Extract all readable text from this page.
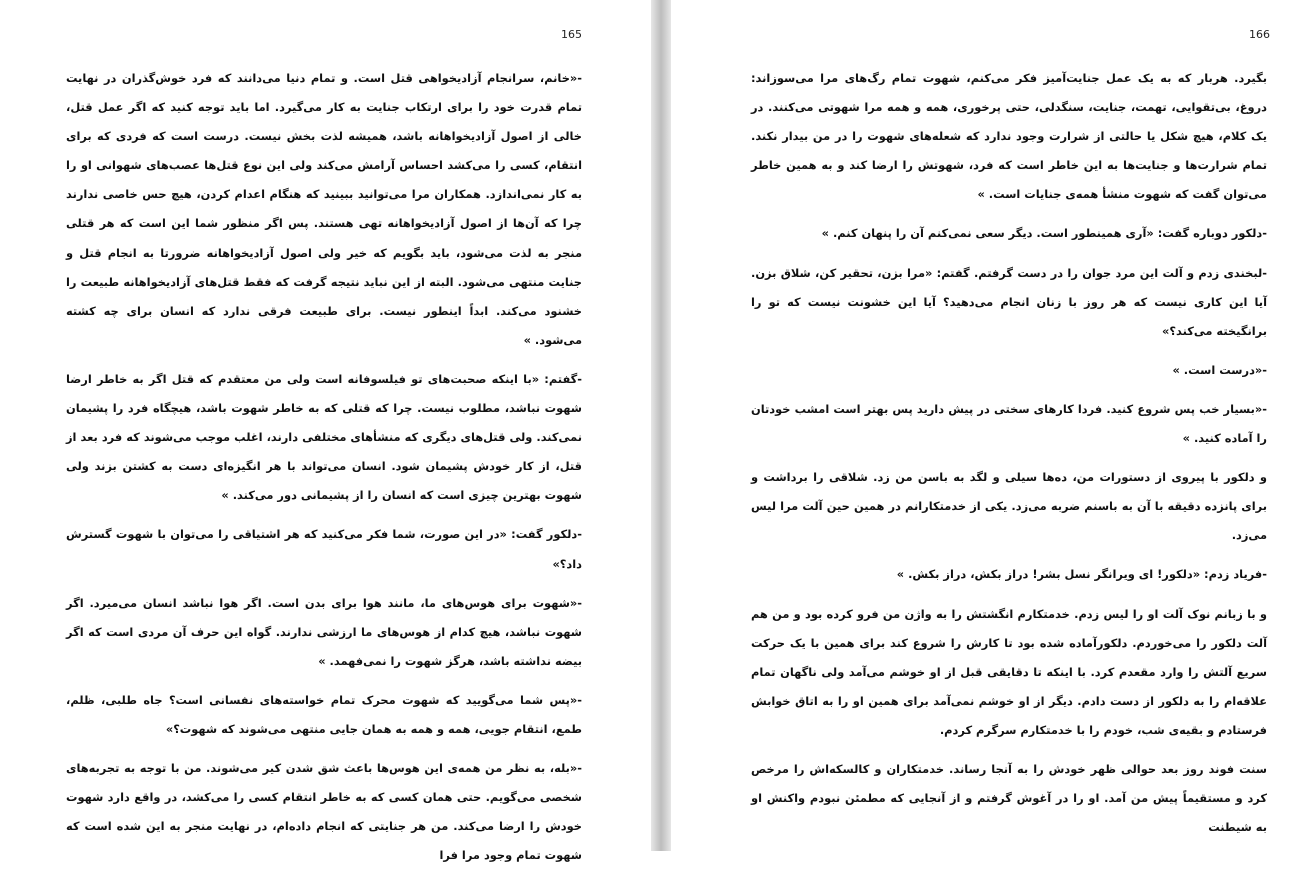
165

-«خانم، سرانجام آزادیخواهی قتل است. و تمام دنیا می‌دانند که فرد خوش‌گذران در نهایت تمام قدرت خود را برای ارتکاب جنایت به کار می‌گیرد. اما باید توجه کنید که اگر عمل قتل، خالی از اصول آزادیخواهانه باشد، همیشه لذت بخش نیست. درست است که فردی که برای انتقام، کسی را می‌کشد احساس آرامش می‌کند ولی این نوع قتل‌ها عصب‌های شهوانی او را به کار نمی‌اندازد. همکاران مرا می‌توانید ببینید که هنگام اعدام کردن، هیچ حس خاصی ندارند چرا که آن‌ها از اصول آزادیخواهانه تهی هستند. پس اگر منظور شما این است که هر قتلی منجر به لذت می‌شود، باید بگویم که خیر ولی اصول آزادیخواهانه ضرورتا به انجام قتل و جنایت منتهی می‌شود. البته از این نباید نتیجه گرفت که فقط قتل‌های آزادیخواهانه طبیعت را خشنود می‌کند. ابداً اینطور نیست. برای طبیعت فرقی ندارد که انسان برای چه کشته می‌شود. »

-گفتم: «با اینکه صحبت‌های تو فیلسوفانه است ولی من معتقدم که قتل اگر به خاطر ارضا شهوت نباشد، مطلوب نیست. چرا که قتلی که به خاطر شهوت باشد، هیچگاه فرد را پشیمان نمی‌کند. ولی قتل‌های دیگری که منشأهای مختلفی دارند، اغلب موجب می‌شوند که فرد بعد از قتل، از کار خودش پشیمان شود. انسان می‌تواند با هر انگیزه‌ای دست به کشتن بزند ولی شهوت بهترین چیزی است که انسان را از پشیمانی دور می‌کند. »

-دلکور گفت: «در این صورت، شما فکر می‌کنید که هر اشتیاقی را می‌توان با شهوت گسترش داد؟»

-«شهوت برای هوس‌های ما، مانند هوا برای بدن است. اگر هوا نباشد انسان می‌میرد. اگر شهوت نباشد، هیچ کدام از هوس‌های ما ارزشی ندارند. گواه این حرف آن مردی است که اگر بیضه نداشته باشد، هرگز شهوت را نمی‌فهمد. »

-«پس شما می‌گویید که شهوت محرک تمام خواسته‌های نفسانی است؟ جاه طلبی، ظلم، طمع، انتقام جویی، همه و همه به همان جایی منتهی می‌شوند که شهوت؟»

-«بله، به نظر من همه‌ی این هوس‌ها باعث شق شدن کیر می‌شوند. من با توجه به تجربه‌های شخصی می‌گویم. حتی همان کسی که به خاطر انتقام کسی را می‌کشد، در واقع دارد شهوت خودش را ارضا می‌کند. من هر جنایتی که انجام داده‌ام، در نهایت منجر به این شده است که شهوت تمام وجود مرا فرا

166

بگیرد. هربار که به یک عمل جنایت‌آمیز فکر می‌کنم، شهوت تمام رگ‌های مرا می‌سوزاند: دروغ، بی‌تقوایی، تهمت، جنایت، سنگدلی، حتی پرخوری، همه و همه مرا شهوتی می‌کنند. در یک کلام، هیچ شکل یا حالتی از شرارت وجود ندارد که شعله‌های شهوت را در من بیدار نکند. تمام شرارت‌ها و جنایت‌ها به این خاطر است که فرد، شهوتش را ارضا کند و به همین خاطر می‌توان گفت که شهوت منشأ همه‌ی جنایات است. »

-دلکور دوباره گفت: «آری همینطور است. دیگر سعی نمی‌کنم آن را پنهان کنم. »

-لبخندی زدم و آلت این مرد جوان را در دست گرفتم. گفتم: «مرا بزن، تحقیر کن، شلاق بزن. آیا این کاری نیست که هر روز با زنان انجام می‌دهید؟ آیا این خشونت نیست که تو را برانگیخته می‌کند؟»

-«درست است. »

-«بسیار خب پس شروع کنید. فردا کارهای سختی در پیش دارید پس بهتر است امشب خودتان را آماده کنید. »

و دلکور با پیروی از دستورات من، ده‌ها سیلی و لگد به باسن من زد. شلاقی را برداشت و برای پانزده دقیقه با آن به باسنم ضربه می‌زد. یکی از خدمتکارانم در همین حین آلت مرا لیس می‌زد.

-فریاد زدم: «دلکور! ای ویرانگر نسل بشر! دراز بکش، دراز بکش. »

و با زبانم نوک آلت او را لیس زدم. خدمتکارم انگشتش را به واژن من فرو کرده بود و من هم آلت دلکور را می‌خوردم. دلکورآماده شده بود تا کارش را شروع کند برای همین با یک حرکت سریع آلتش را وارد مقعدم کرد. با اینکه تا دقایقی قبل از او خوشم می‌آمد ولی ناگهان تمام علاقه‌ام را به دلکور از دست دادم. دیگر از او خوشم نمی‌آمد برای همین او را به اتاق خوابش فرستادم و بقیه‌ی شب، خودم را با خدمتکارم سرگرم کردم.

سنت فوند روز بعد حوالی ظهر خودش را به آنجا رساند. خدمتکاران و کالسکه‌اش را مرخص کرد و مستقیماً پیش من آمد. او را در آغوش گرفتم و از آنجایی که مطمئن نبودم واکنش او به شیطنت
